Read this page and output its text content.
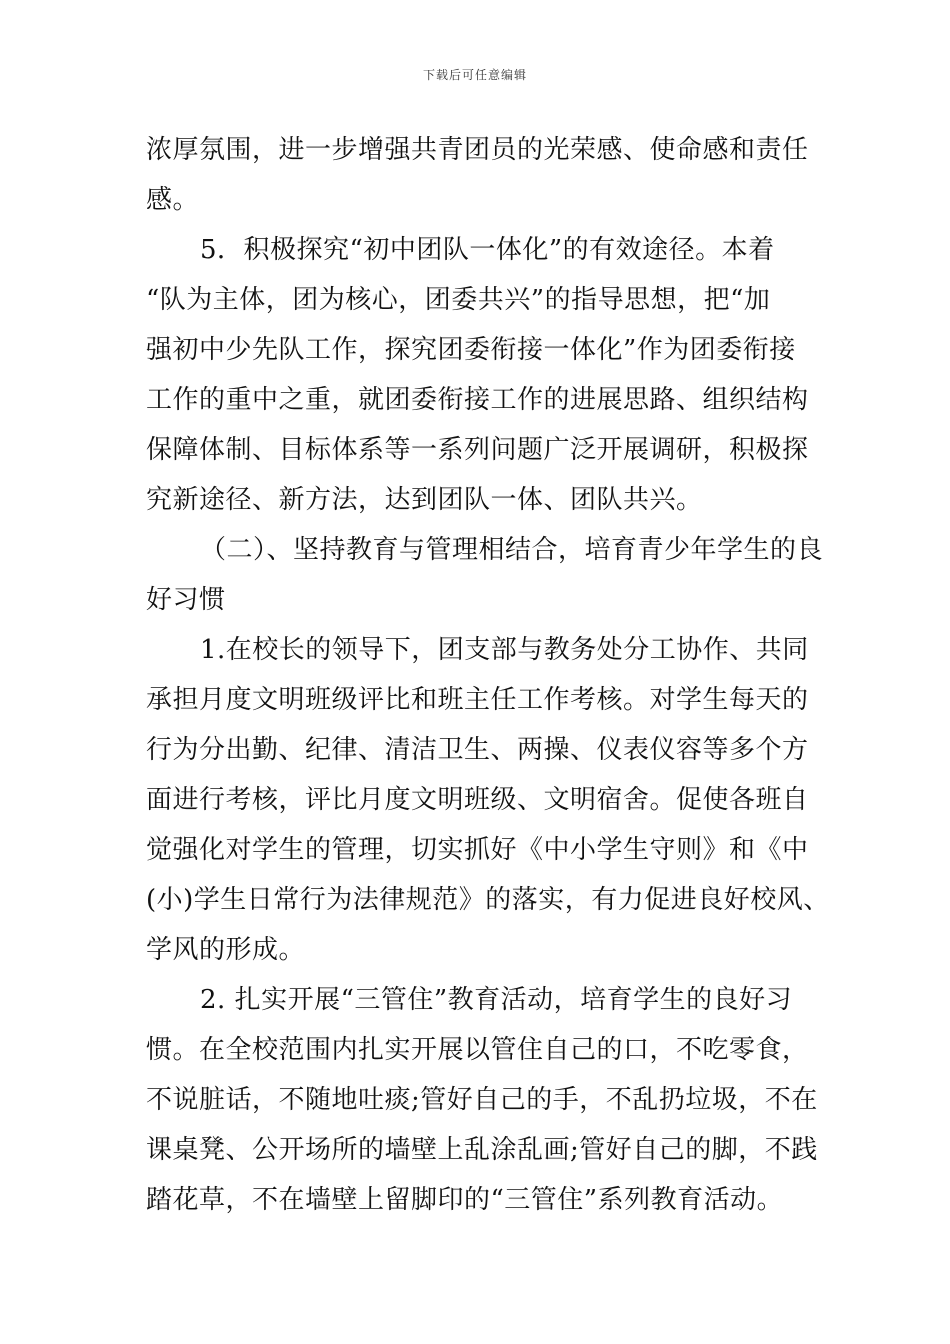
下载后可任意编辑
浓厚氛围，进一步增强共青团员的光荣感、使命感和责任
感。
5．积极探究“初中团队一体化”的有效途径。本着
“队为主体，团为核心，团委共兴”的指导思想，把“加
强初中少先队工作，探究团委衔接一体化”作为团委衔接
工作的重中之重，就团委衔接工作的进展思路、组织结构
保障体制、目标体系等一系列问题广泛开展调研，积极探
究新途径、新方法，达到团队一体、团队共兴。
（二）、坚持教育与管理相结合，培育青少年学生的良
好习惯
1.在校长的领导下，团支部与教务处分工协作、共同
承担月度文明班级评比和班主任工作考核。对学生每天的
行为分出勤、纪律、清洁卫生、两操、仪表仪容等多个方
面进行考核，评比月度文明班级、文明宿舍。促使各班自
觉强化对学生的管理，切实抓好《中小学生守则》和《中
(小)学生日常行为法律规范》的落实，有力促进良好校风、
学风的形成。
2. 扎实开展“三管住”教育活动，培育学生的良好习
惯。在全校范围内扎实开展以管住自己的口，不吃零食，
不说脏话，不随地吐痰;管好自己的手，不乱扔垃圾，不在
课桌凳、公开场所的墙壁上乱涂乱画;管好自己的脚，不践
踏花草，不在墙壁上留脚印的“三管住”系列教育活动。
